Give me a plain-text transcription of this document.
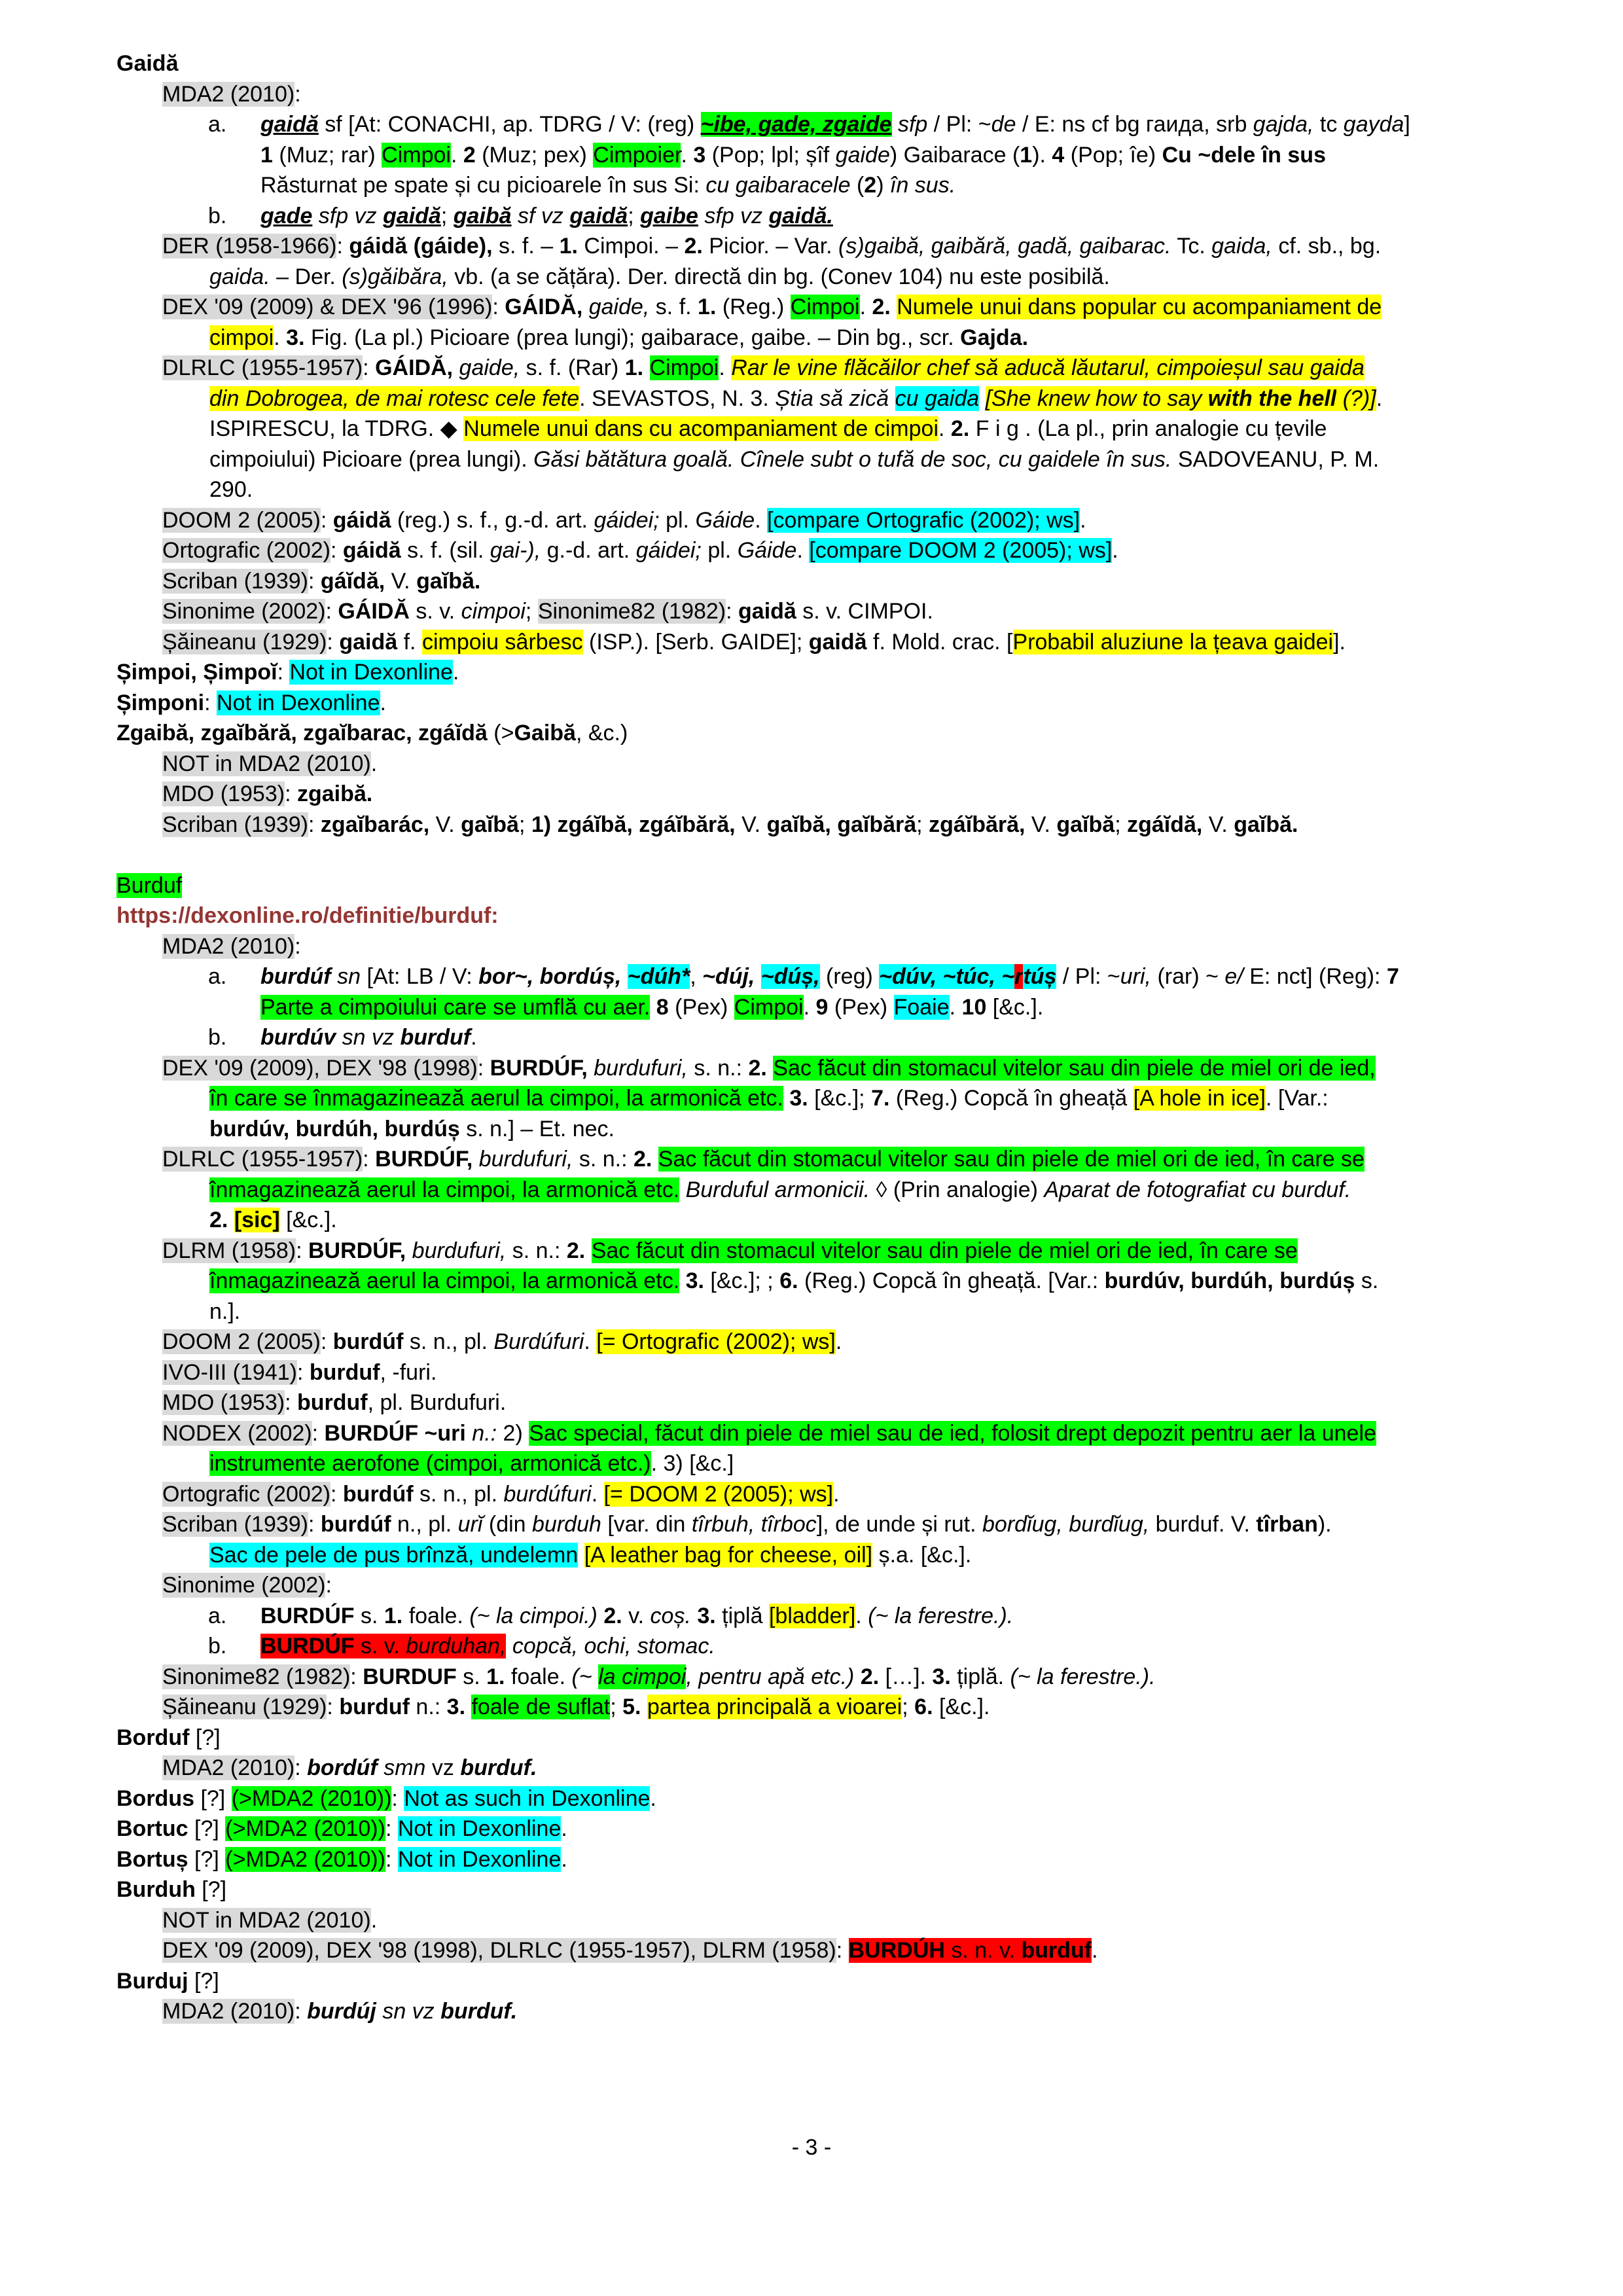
Gaidă
MDA2 (2010):
a. gaidă sf [At: CONACHI, ap. TDRG / V: (reg) ~ibe, gade, zgaide sfp / Pl: ~de / E: ns cf bg гаида, srb gajda, tc gayda]
1 (Muz; rar) Cimpoi. 2 (Muz; pex) Cimpoier. 3 (Pop; lpl; șîf gaide) Gaibarace (1). 4 (Pop; îe) Cu ~dele în sus
Răsturnat pe spate și cu picioarele în sus Si: cu gaibaracele (2) în sus.
b. gade sfp vz gaidă; gaibă sf vz gaidă; gaibe sfp vz gaidă.
DER (1958-1966): gáidă (gáide), s. f. – 1. Cimpoi. – 2. Picior. – Var. (s)gaibă, gaibără, gadă, gaibarac. Tc. gaida, cf. sb., bg.
gaida. – Der. (s)găibăra, vb. (a se cățăra). Der. directă din bg. (Conev 104) nu este posibilă.
DEX '09 (2009) & DEX '96 (1996): GÁIDĂ, gaide, s. f. 1. (Reg.) Cimpoi. 2. Numele unui dans popular cu acompaniament de
cimpoi. 3. Fig. (La pl.) Picioare (prea lungi); gaibarace, gaibe. – Din bg., scr. Gajda.
DLRLC (1955-1957): GÁIDĂ, gaide, s. f. (Rar) 1. Cimpoi. Rar le vine flăcăilor chef să aducă lăutarul, cimpoieșul sau gaida
din Dobrogea, de mai rotesc cele fete. SEVASTOS, N. 3. Știa să zică cu gaida [She knew how to say with the hell (?)].
ISPIRESCU, la TDRG. ◆ Numele unui dans cu acompaniament de cimpoi. 2. F i g . (La pl., prin analogie cu țevile
cimpoiului) Picioare (prea lungi). Găsi bătătura goală. Cînele subt o tufă de soc, cu gaidele în sus. SADOVEANU, P. M.
290.
DOOM 2 (2005): gáidă (reg.) s. f., g.-d. art. gáidei; pl. Gáide. [compare Ortografic (2002); ws].
Ortografic (2002): gáidă s. f. (sil. gai-), g.-d. art. gáidei; pl. Gáide. [compare DOOM 2 (2005); ws].
Scriban (1939): gáĭdă, V. gaĭbă.
Sinonime (2002): GÁIDĂ s. v. cimpoi; Sinonime82 (1982): gaidă s. v. CIMPOI.
Șăineanu (1929): gaidă f. cimpoiu sârbesc (ISP.). [Serb. GAIDE]; gaidă f. Mold. crac. [Probabil aluziune la țeava gaidei].
Șimpoi, Șimpoĭ: Not in Dexonline.
Șimponi: Not in Dexonline.
Zgaibă, zgaĭbără, zgaĭbarac, zgáĭdă (>Gaibă, &c.)
NOT in MDA2 (2010).
MDO (1953): zgaibă.
Scriban (1939): zgaĭbarác, V. gaĭbă; 1) zgáĭbă, zgáĭbără, V. gaĭbă, gaĭbără; zgáĭbără, V. gaĭbă; zgáĭdă, V. gaĭbă.
Burduf
https://dexonline.ro/definitie/burduf:
MDA2 (2010):
a. burdúf sn [At: LB / V: bor~, bordúș, ~dúh*, ~dúj, ~dúș, (reg) ~dúv, ~túc, ~rtúș / Pl: ~uri, (rar) ~ e/ E: nct] (Reg): 7
Parte a cimpoiului care se umflă cu aer. 8 (Pex) Cimpoi. 9 (Pex) Foaie. 10 [&c.].
b. burdúv sn vz burduf.
DEX '09 (2009), DEX '98 (1998): BURDÚF, burdufuri, s. n.: 2. Sac făcut din stomacul vitelor sau din piele de miel ori de ied,
în care se înmagazinează aerul la cimpoi, la armonică etc. 3. [&c.]; 7. (Reg.) Copcă în gheață [A hole in ice]. [Var.:
burdúv, burdúh, burdúș s. n.] – Et. nec.
DLRLC (1955-1957): BURDÚF, burdufuri, s. n.: 2. Sac făcut din stomacul vitelor sau din piele de miel ori de ied, în care se
înmagazinează aerul la cimpoi, la armonică etc. Burduful armonicii. ◊ (Prin analogie) Aparat de fotografiat cu burduf.
2. [sic] [&c.].
DLRM (1958): BURDÚF, burdufuri, s. n.: 2. Sac făcut din stomacul vitelor sau din piele de miel ori de ied, în care se
înmagazinează aerul la cimpoi, la armonică etc. 3. [&c.]; ; 6. (Reg.) Copcă în gheață. [Var.: burdúv, burdúh, burdúș s.
n.].
DOOM 2 (2005): burdúf s. n., pl. Burdúfuri. [= Ortografic (2002); ws].
IVO-III (1941): burduf, -furi.
MDO (1953): burduf, pl. Burdufuri.
NODEX (2002): BURDÚF ~uri n.: 2) Sac special, făcut din piele de miel sau de ied, folosit drept depozit pentru aer la unele
instrumente aerofone (cimpoi, armonică etc.). 3) [&c.]
Ortografic (2002): burdúf s. n., pl. burdúfuri. [= DOOM 2 (2005); ws].
Scriban (1939): burdúf n., pl. urĭ (din burduh [var. din tîrbuh, tîrboc], de unde și rut. bordĭug, burdĭug, burduf. V. tîrban).
Sac de pele de pus brînză, undelemn [A leather bag for cheese, oil] ș.a. [&c.].
Sinonime (2002):
a. BURDÚF s. 1. foale. (~ la cimpoi.) 2. v. coș. 3. țiplă [bladder]. (~ la ferestre.).
b. BURDÚF s. v. burduhan, copcă, ochi, stomac.
Sinonime82 (1982): BURDUF s. 1. foale. (~ la cimpoi, pentru apă etc.) 2. […]. 3. țiplă. (~ la ferestre.).
Șăineanu (1929): burduf n.: 3. foale de suflat; 5. partea principală a vioarei; 6. [&c.].
Borduf [?]
MDA2 (2010): bordúf smn vz burduf.
Bordus [?] (>MDA2 (2010)): Not as such in Dexonline.
Bortuc [?] (>MDA2 (2010)): Not in Dexonline.
Bortuș [?] (>MDA2 (2010)): Not in Dexonline.
Burduh [?]
NOT in MDA2 (2010).
DEX '09 (2009), DEX '98 (1998), DLRLC (1955-1957), DLRM (1958): BURDÚH s. n. v. burduf.
Burduj [?]
MDA2 (2010): burdúj sn vz burduf.
- 3 -
